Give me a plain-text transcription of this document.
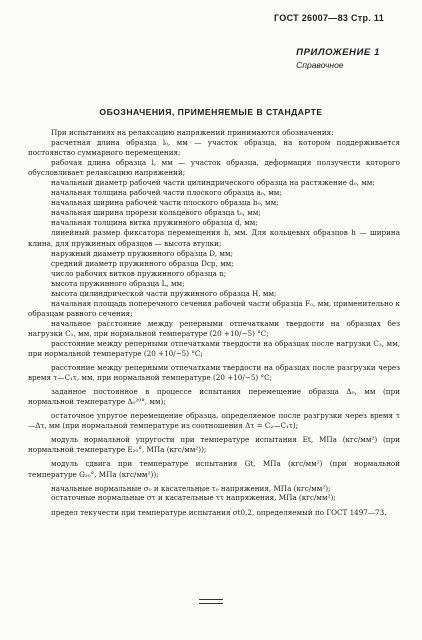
ГОСТ 26007—83 Стр. 11
ПРИЛОЖЕНИЕ 1
Справочное
ОБОЗНАЧЕНИЯ, ПРИМЕНЯЕМЫЕ В СТАНДАРТЕ

При испытаниях на релаксацию напряжений принимаются обозначения:

расчетная длина образца l₀, мм — участок образца, на котором поддерживается постоянство суммарного перемещения;

рабочая длина образца l, мм — участок образца, деформация ползучести которого обусловливает релаксацию напряжений;

начальный диаметр рабочей части цилиндрического образца на растяжение d₀, мм;

начальная толщина рабочей части плоского образца a₀, мм;

начальная ширина рабочей части плоского образца b₀, мм;

начальная ширина прорези кольцевого образца t₀, мм;

начальная толщина витка пружинного образца d, мм;

линейный размер фиксатора перемещения h, мм. Для кольцевых образцов h — ширина клина, для пружинных образцов — высота втулки;

наружный диаметр пружинного образца D, мм;

средний диаметр пружинного образца Dср, мм;

число рабочих витков пружинного образца n;

высота пружинного образца L, мм;

высота цилиндрической части пружинного образца H, мм;

начальная площадь поперечного сечения рабочей части образца F₀, мм, применительно к образцам равного сечения;

начальное расстояние между реперными отпечатками твердости на образцах без нагрузки C₁, мм, при нормальной температуре (20 +10/−5) °С;

расстояние между реперными отпечатками твердости на образцах после нагрузки C₂, мм, при нормальной температуре (20 +10/−5) °С;

расстояние между реперными отпечатками твердости на образцах после разгрузки через время τ—C₁τ, мм, при нормальной температуре (20 +10/−5) °С;

заданное постоянное в процессе испытания перемещение образца Δ₀, мм (при нормальной температуре Δ₀²⁰°, мм);

остаточное упругое перемещение образца, определяемое после разгрузки через время τ—Δτ, мм (при нормальной температуре из соотношения Δτ = C₂—C₁τ);

модуль нормальной упругости при температуре испытания Et, МПа (кгс/мм²) (при нормальной температуре E₂₀°, МПа (кгс/мм²));

модуль сдвига при температуре испытания Gt, МПа (кгс/мм²) (при нормальной температуре G₂₀°, МПа (кгс/мм²));

начальные нормальные σ₀ и касательные τ₀ напряжения, МПа (кгс/мм²);

остаточные нормальные στ и касательные ττ напряжения, МПа (кгс/мм²);

предел текучести при температуре испытания σt0,2, определяемый по ГОСТ 1497—73.
